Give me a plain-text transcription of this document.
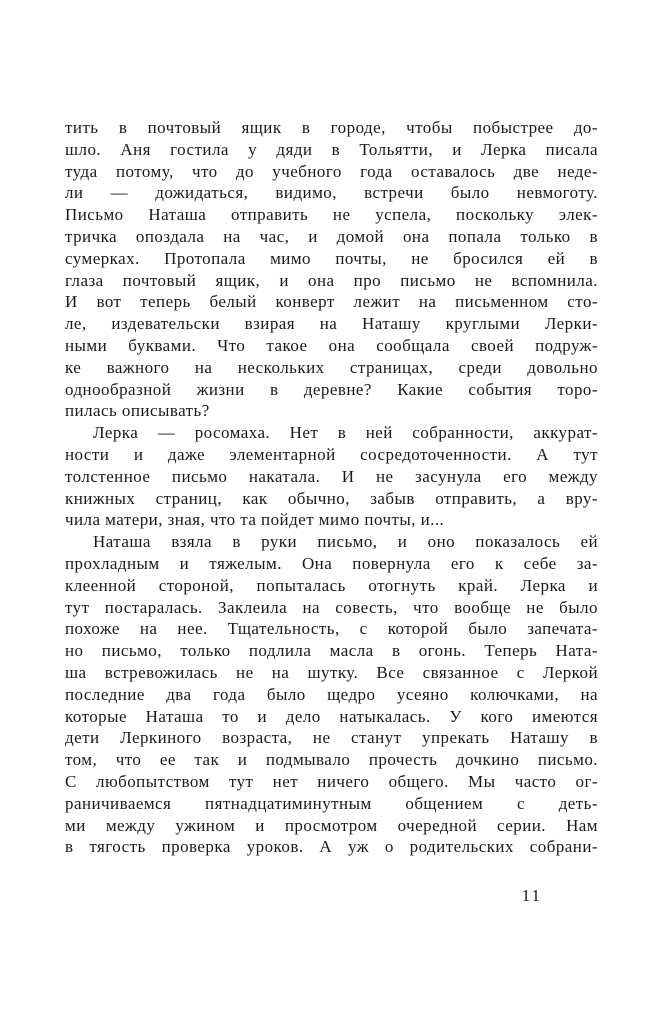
тить в почтовый ящик в городе, чтобы побыстрее до-
шло. Аня гостила у дяди в Тольятти, и Лерка писала
туда потому, что до учебного года оставалось две неде-
ли — дожидаться, видимо, встречи было невмоготу.
Письмо Наташа отправить не успела, поскольку элек-
тричка опоздала на час, и домой она попала только в
сумерках. Протопала мимо почты, не бросился ей в
глаза почтовый ящик, и она про письмо не вспомнила.
И вот теперь белый конверт лежит на письменном сто-
ле, издевательски взирая на Наташу круглыми Лерки-
ными буквами. Что такое она сообщала своей подруж-
ке важного на нескольких страницах, среди довольно
однообразной жизни в деревне? Какие события торо-
пилась описывать?
Лерка — росомаха. Нет в ней собранности, аккурат-
ности и даже элементарной сосредоточенности. А тут
толстенное письмо накатала. И не засунула его между
книжных страниц, как обычно, забыв отправить, а вру-
чила матери, зная, что та пойдет мимо почты, и...
Наташа взяла в руки письмо, и оно показалось ей
прохладным и тяжелым. Она повернула его к себе за-
клеенной стороной, попыталась отогнуть край. Лерка и
тут постаралась. Заклеила на совесть, что вообще не было
похоже на нее. Тщательность, с которой было запечата-
но письмо, только подлила масла в огонь. Теперь Ната-
ша встревожилась не на шутку. Все связанное с Леркой
последние два года было щедро усеяно колючками, на
которые Наташа то и дело натыкалась. У кого имеются
дети Леркиного возраста, не станут упрекать Наташу в
том, что ее так и подмывало прочесть дочкино письмо.
С любопытством тут нет ничего общего. Мы часто ог-
раничиваемся пятнадцатиминутным общением с деть-
ми между ужином и просмотром очередной серии. Нам
в тягость проверка уроков. А уж о родительских собрани-
11
